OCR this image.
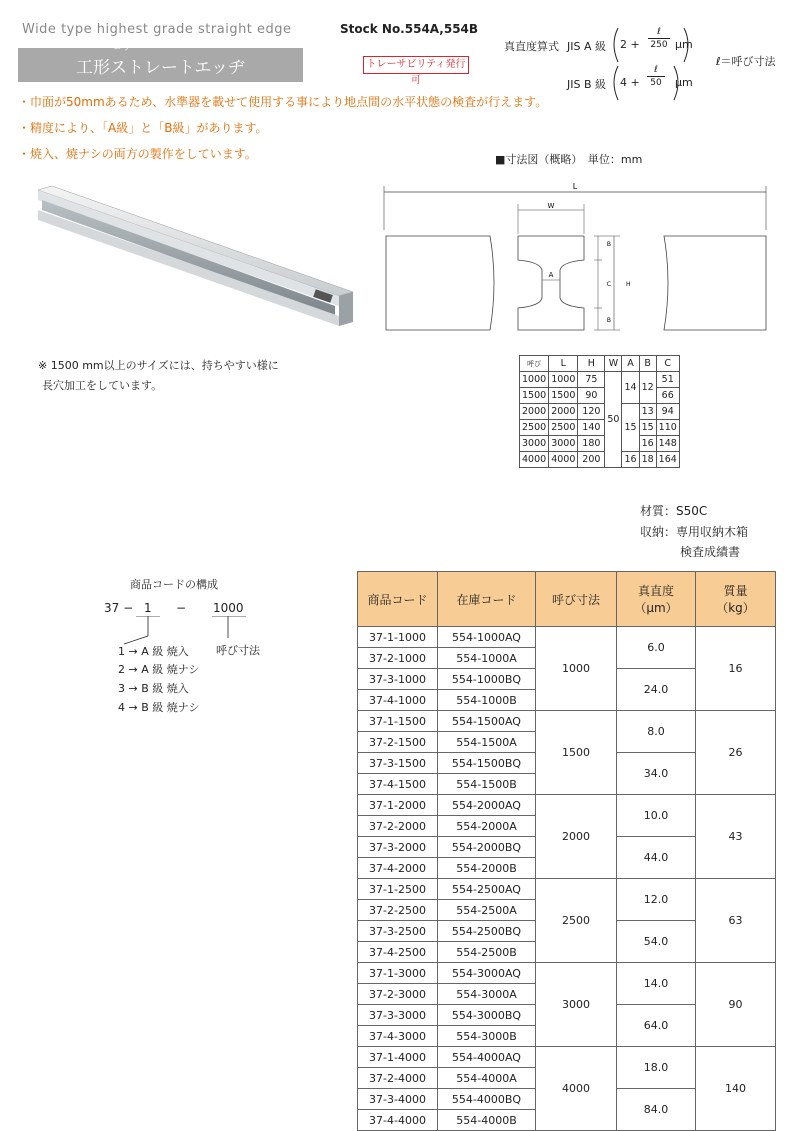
Wide type highest grade straight edge	Stock No.554A,554B
コウ
工形ストレートエッヂ	トレーサビリティ発行可
真直度算式 JIS A 級 2 +
ℓ
250 μm
ℓ＝呼び寸法
JIS B 級 4 +
ℓ
50 μm
・巾面が50mmあるため、水準器を載せて使用する事により地点間の水平状態の検査が行えます。
・精度により、「A級」と「B級」があります。
・焼入、焼ナシの両方の製作をしています。
※ 1500 mm以上のサイズには、持ちやすい様に
長穴加工をしています。
■寸法図（概略）　単位：mm
L
W
A
B
C
B
H
呼び	L	H	W	A	B	C
1000	1000	75	50	14	12	51
1500	1500	90				66
2000	2000	120		15	13	94
2500	2500	140			15	110
3000	3000	180			16	148
4000	4000	200		16	18	164
材質：S50C
収納：専用収納木箱
検査成績書
商品コードの構成
37 − 1 − 1000
呼び寸法
1 → A 級 焼入
2 → A 級 焼ナシ
3 → B 級 焼入
4 → B 級 焼ナシ
商品コード	在庫コード	呼び寸法	真直度
（μm）	質量
（kg）
37-1-1000	554-1000AQ	1000	6.0	16
37-2-1000	554-1000A			
37-3-1000	554-1000BQ		24.0	
37-4-1000	554-1000B			
37-1-1500	554-1500AQ	1500	8.0	26
37-2-1500	554-1500A			
37-3-1500	554-1500BQ		34.0	
37-4-1500	554-1500B			
37-1-2000	554-2000AQ	2000	10.0	43
37-2-2000	554-2000A			
37-3-2000	554-2000BQ		44.0	
37-4-2000	554-2000B			
37-1-2500	554-2500AQ	2500	12.0	63
37-2-2500	554-2500A			
37-3-2500	554-2500BQ		54.0	
37-4-2500	554-2500B			
37-1-3000	554-3000AQ	3000	14.0	90
37-2-3000	554-3000A			
37-3-3000	554-3000BQ		64.0	
37-4-3000	554-3000B			
37-1-4000	554-4000AQ	4000	18.0	140
37-2-4000	554-4000A			
37-3-4000	554-4000BQ		84.0	
37-4-4000	554-4000B			
